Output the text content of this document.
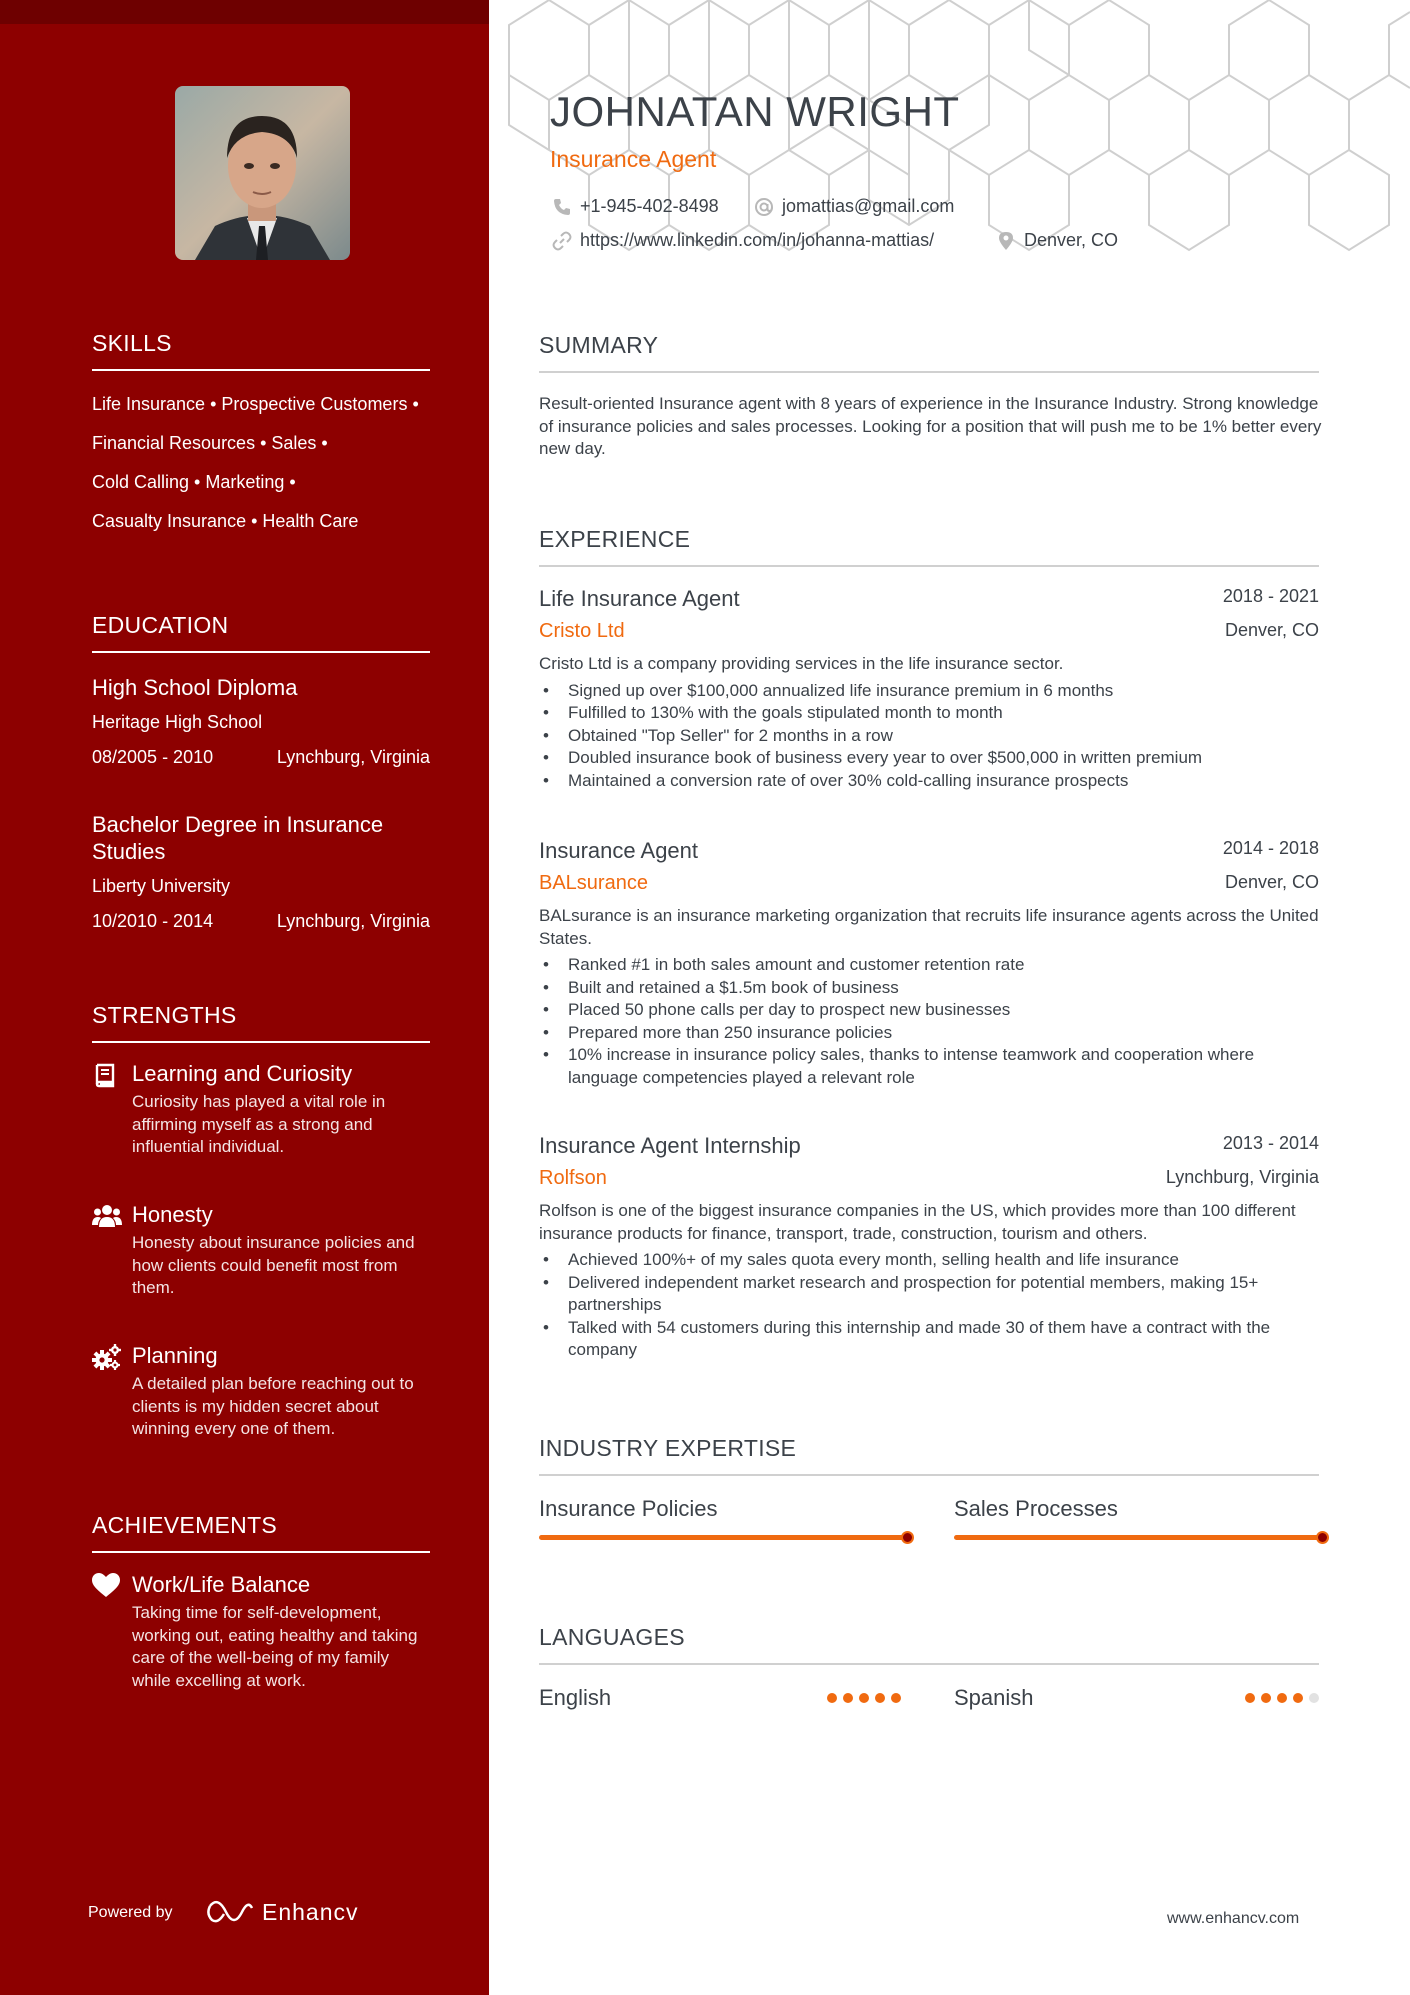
SKILLS
Life Insurance • Prospective Customers •
Financial Resources • Sales •
Cold Calling • Marketing •
Casualty Insurance • Health Care
EDUCATION
High School Diploma
Heritage High School
08/2005 - 2010	Lynchburg, Virginia
Bachelor Degree in Insurance Studies
Liberty University
10/2010 - 2014	Lynchburg, Virginia
STRENGTHS
Learning and Curiosity
Curiosity has played a vital role in affirming myself as a strong and influential individual.
Honesty
Honesty about insurance policies and how clients could benefit most from them.
Planning
A detailed plan before reaching out to clients is my hidden secret about winning every one of them.
ACHIEVEMENTS
Work/Life Balance
Taking time for self-development, working out, eating healthy and taking care of the well-being of my family while excelling at work.
Powered by	Enhancv
JOHNATAN WRIGHT
Insurance Agent
+1-945-402-8498	jomattias@gmail.com
https://www.linkedin.com/in/johanna-mattias/	Denver, CO
SUMMARY
Result-oriented Insurance agent with 8 years of experience in the Insurance Industry. Strong knowledge of insurance policies and sales processes. Looking for a position that will push me to be 1% better every new day.
EXPERIENCE
Life Insurance Agent	2018 - 2021
Cristo Ltd	Denver, CO
Cristo Ltd is a company providing services in the life insurance sector.
• Signed up over $100,000 annualized life insurance premium in 6 months
• Fulfilled to 130% with the goals stipulated month to month
• Obtained "Top Seller" for 2 months in a row
• Doubled insurance book of business every year to over $500,000 in written premium
• Maintained a conversion rate of over 30% cold-calling insurance prospects
Insurance Agent	2014 - 2018
BALsurance	Denver, CO
BALsurance is an insurance marketing organization that recruits life insurance agents across the United States.
• Ranked #1 in both sales amount and customer retention rate
• Built and retained a $1.5m book of business
• Placed 50 phone calls per day to prospect new businesses
• Prepared more than 250 insurance policies
• 10% increase in insurance policy sales, thanks to intense teamwork and cooperation where language competencies played a relevant role
Insurance Agent Internship	2013 - 2014
Rolfson	Lynchburg, Virginia
Rolfson is one of the biggest insurance companies in the US, which provides more than 100 different insurance products for finance, transport, trade, construction, tourism and others.
• Achieved 100%+ of my sales quota every month, selling health and life insurance
• Delivered independent market research and prospection for potential members, making 15+ partnerships
• Talked with 54 customers during this internship and made 30 of them have a contract with the company
INDUSTRY EXPERTISE
Insurance Policies	Sales Processes
LANGUAGES
English	Spanish
www.enhancv.com
